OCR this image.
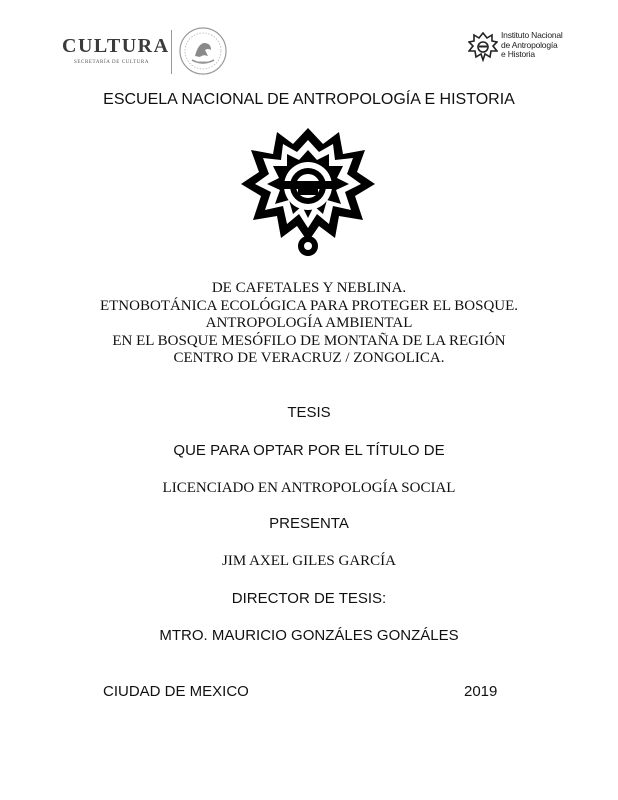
CULTURA
SECRETARÍA DE CULTURA
Instituto Nacional
de Antropología
e Historia
ESCUELA NACIONAL DE ANTROPOLOGÍA E HISTORIA
DE CAFETALES Y NEBLINA.
ETNOBOTÁNICA ECOLÓGICA PARA PROTEGER EL BOSQUE.
ANTROPOLOGÍA AMBIENTAL
EN EL BOSQUE MESÓFILO DE MONTAÑA DE LA REGIÓN
CENTRO DE VERACRUZ / ZONGOLICA.
TESIS
QUE PARA OPTAR POR EL TÍTULO DE
LICENCIADO EN ANTROPOLOGÍA SOCIAL
PRESENTA
JIM AXEL GILES GARCÍA
DIRECTOR DE TESIS:
MTRO. MAURICIO GONZÁLES GONZÁLES
CIUDAD DE MEXICO	2019
